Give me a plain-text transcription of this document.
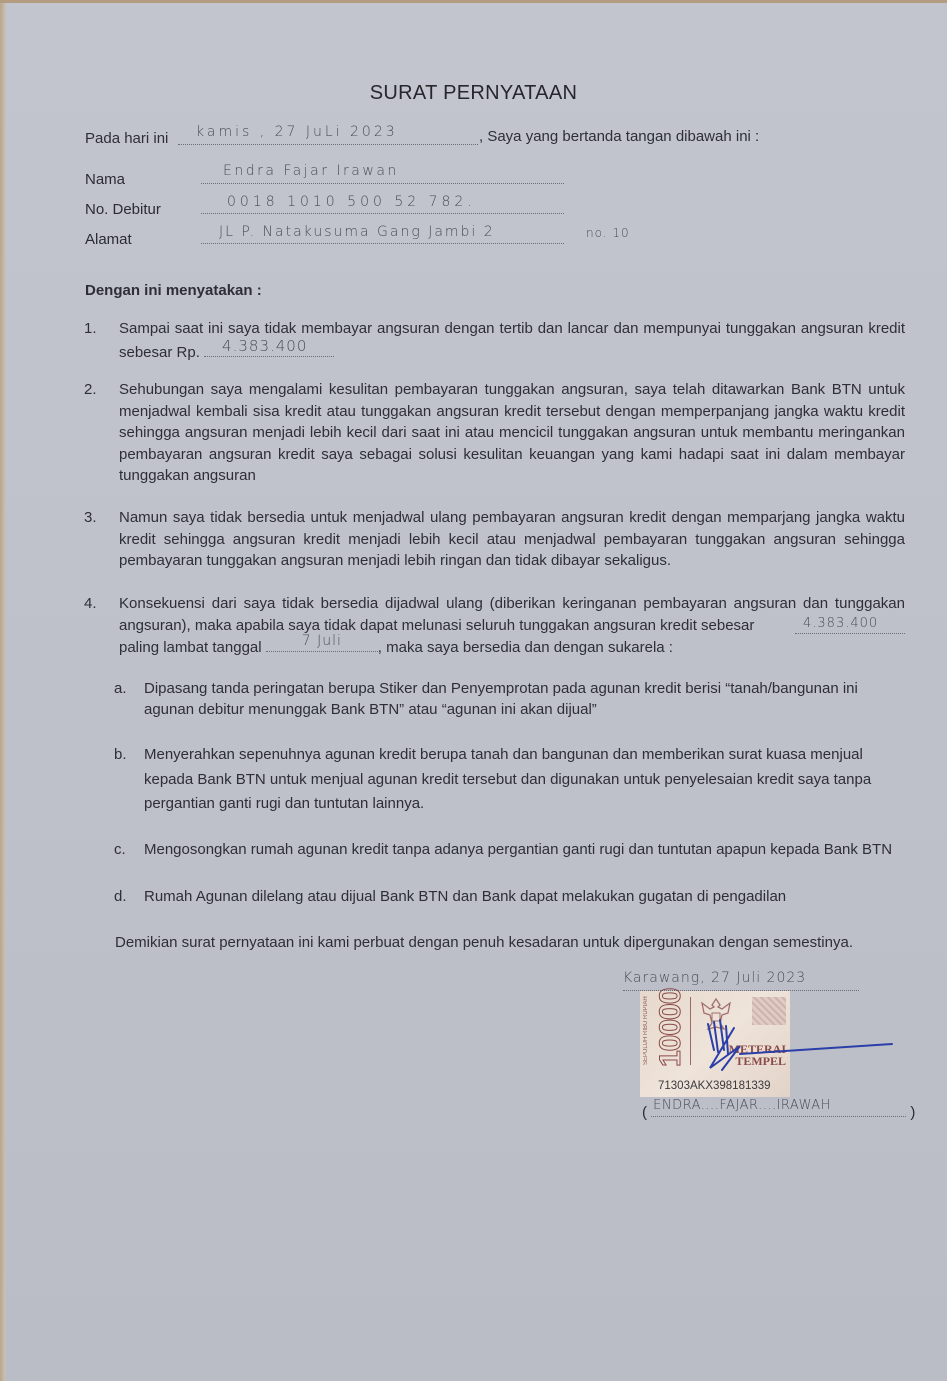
SURAT PERNYATAAN
Pada hari ini kamis , 27 JuLi 2023	, Saya yang bertanda tangan dibawah ini :
Nama	Endra Fajar Irawan
No. Debitur	0018 1010 500 52 782.
Alamat	JL P. Natakusuma Gang Jambi 2	no. 10
Dengan ini menyatakan :
1. Sampai saat ini saya tidak membayar angsuran dengan tertib dan lancar dan mempunyai tunggakan angsuran kredit
sebesar Rp. 4.383.400
2. Sehubungan saya mengalami kesulitan pembayaran tunggakan angsuran, saya telah ditawarkan Bank BTN untuk
menjadwal kembali sisa kredit atau tunggakan angsuran kredit tersebut dengan memperpanjang jangka waktu kredit
sehingga angsuran menjadi lebih kecil dari saat ini atau mencicil tunggakan angsuran untuk membantu meringankan
pembayaran angsuran kredit saya sebagai solusi kesulitan keuangan yang kami hadapi saat ini dalam membayar
tunggakan angsuran
3. Namun saya tidak bersedia untuk menjadwal ulang pembayaran angsuran kredit dengan memparjang jangka waktu
kredit sehingga angsuran kredit menjadi lebih kecil atau menjadwal pembayaran tunggakan angsuran sehingga
pembayaran tunggakan angsuran menjadi lebih ringan dan tidak dibayar sekaligus.
4. Konsekuensi dari saya tidak bersedia dijadwal ulang (diberikan keringanan pembayaran angsuran dan tunggakan
angsuran), maka apabila saya tidak dapat melunasi seluruh tunggakan angsuran kredit sebesar	4.383.400
paling lambat tanggal	7 Juli , maka saya bersedia dan dengan sukarela :
a. Dipasang tanda peringatan berupa Stiker dan Penyemprotan pada agunan kredit berisi “tanah/bangunan ini
agunan debitur menunggak Bank BTN” atau “agunan ini akan dijual”
b. Menyerahkan sepenuhnya agunan kredit berupa tanah dan bangunan dan memberikan surat kuasa menjual
kepada Bank BTN untuk menjual agunan kredit tersebut dan digunakan untuk penyelesaian kredit saya tanpa
pergantian ganti rugi dan tuntutan lainnya.
c. Mengosongkan rumah agunan kredit tanpa adanya pergantian ganti rugi dan tuntutan apapun kepada Bank BTN
d. Rumah Agunan dilelang atau dijual Bank BTN dan Bank dapat melakukan gugatan di pengadilan
Demikian surat pernyataan ini kami perbuat dengan penuh kesadaran untuk dipergunakan dengan semestinya.
Karawang, 27 Juli 2023
SEPULUH RIBU RUPIAH 10000	METERAI
TEMPEL
71303AKX398181339
( ENDRA....FAJAR....IRAWAH	)
